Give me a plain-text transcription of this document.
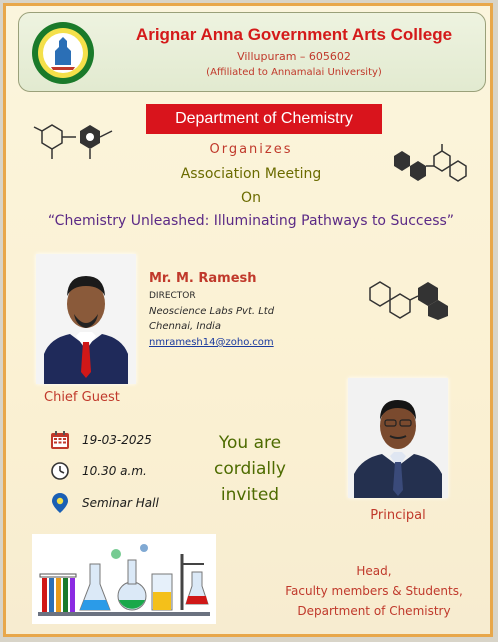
Arignar Anna Government Arts College
Villupuram – 605602
(Affiliated to Annamalai University)
Department of Chemistry
Organizes
Association Meeting
On
“Chemistry Unleashed: Illuminating Pathways to Success”
Mr. M. Ramesh
DIRECTOR
Neoscience Labs Pvt. Ltd
Chennai, India
nmramesh14@zoho.com
Chief Guest
19-03-2025
10.30 a.m.
Seminar Hall
You are
cordially
invited
Principal
Head,
Faculty members & Students,
Department of Chemistry
